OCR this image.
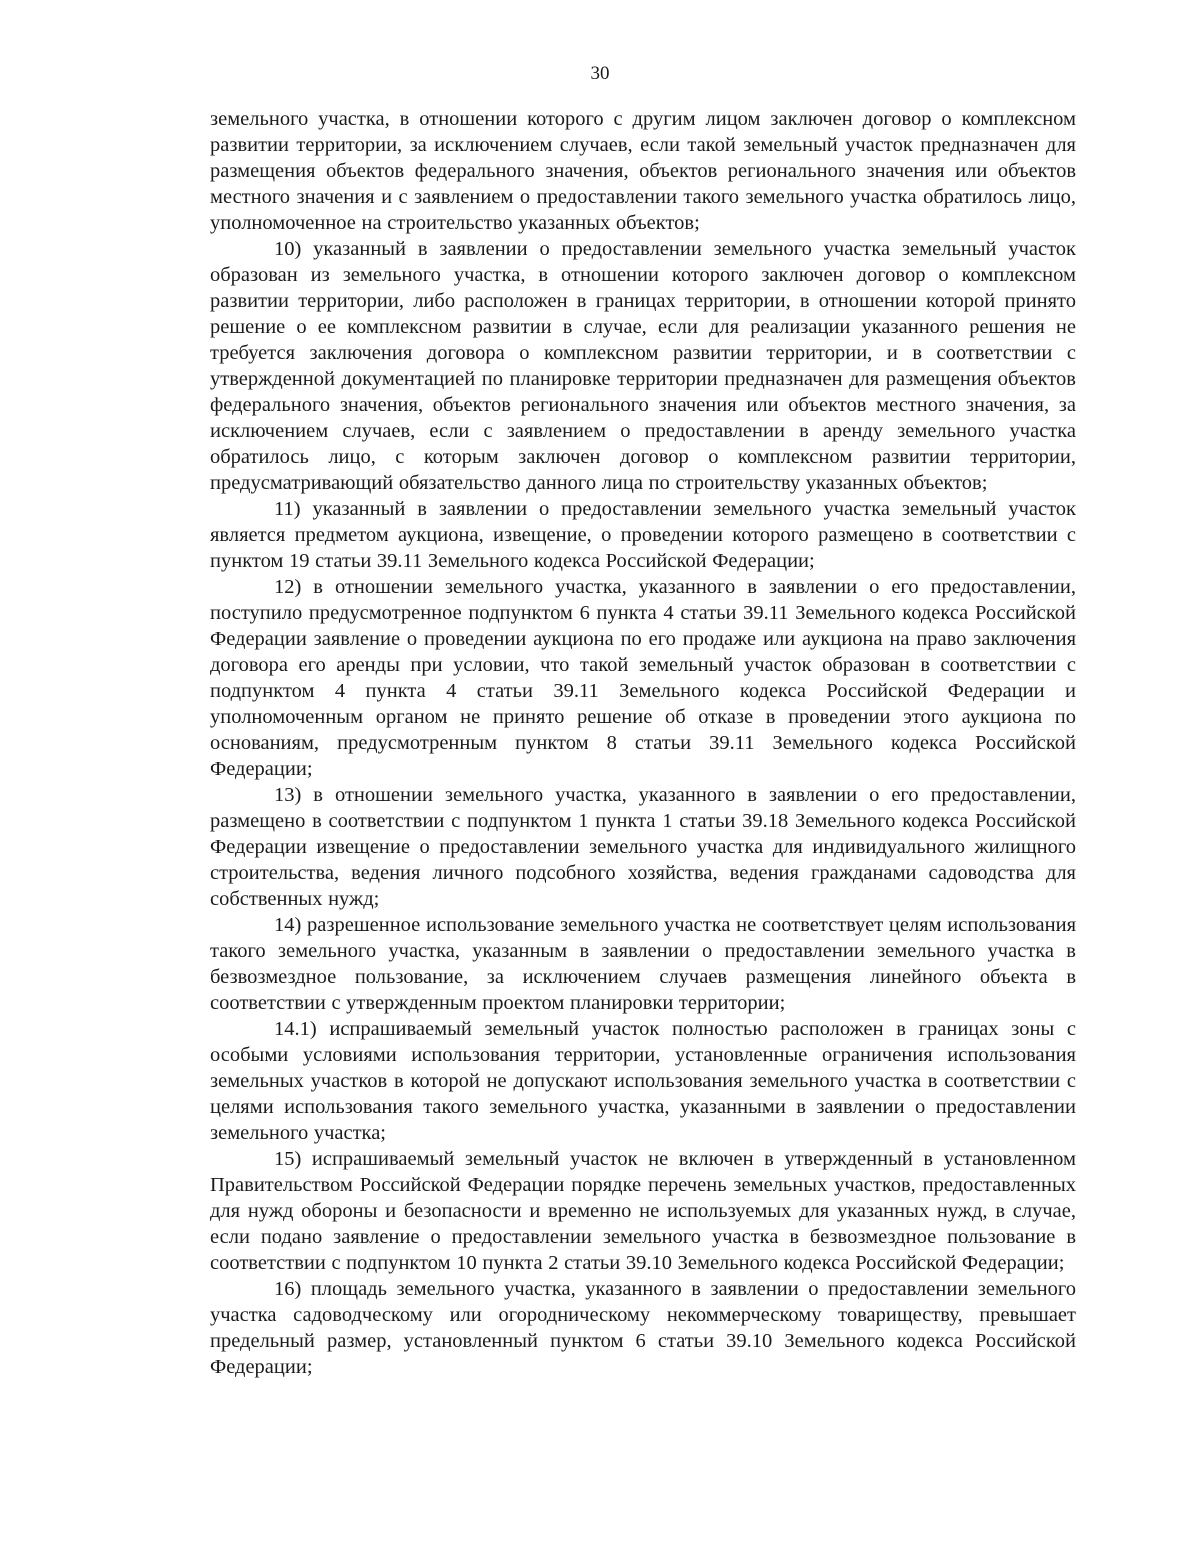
30

земельного участка, в отношении которого с другим лицом заключен договор о комплексном развитии территории, за исключением случаев, если такой земельный участок предназначен для размещения объектов федерального значения, объектов регионального значения или объектов местного значения и с заявлением о предоставлении такого земельного участка обратилось лицо, уполномоченное на строительство указанных объектов;

10) указанный в заявлении о предоставлении земельного участка земельный участок образован из земельного участка, в отношении которого заключен договор о комплексном развитии территории, либо расположен в границах территории, в отношении которой принято решение о ее комплексном развитии в случае, если для реализации указанного решения не требуется заключения договора о комплексном развитии территории, и в соответствии с утвержденной документацией по планировке территории предназначен для размещения объектов федерального значения, объектов регионального значения или объектов местного значения, за исключением случаев, если с заявлением о предоставлении в аренду земельного участка обратилось лицо, с которым заключен договор о комплексном развитии территории, предусматривающий обязательство данного лица по строительству указанных объектов;

11) указанный в заявлении о предоставлении земельного участка земельный участок является предметом аукциона, извещение, о проведении которого размещено в соответствии с пунктом 19 статьи 39.11 Земельного кодекса Российской Федерации;

12) в отношении земельного участка, указанного в заявлении о его предоставлении, поступило предусмотренное подпунктом 6 пункта 4 статьи 39.11 Земельного кодекса Российской Федерации заявление о проведении аукциона по его продаже или аукциона на право заключения договора его аренды при условии, что такой земельный участок образован в соответствии с подпунктом 4 пункта 4 статьи 39.11 Земельного кодекса Российской Федерации и уполномоченным органом не принято решение об отказе в проведении этого аукциона по основаниям, предусмотренным пунктом 8 статьи 39.11 Земельного кодекса Российской Федерации;

13) в отношении земельного участка, указанного в заявлении о его предоставлении, размещено в соответствии с подпунктом 1 пункта 1 статьи 39.18 Земельного кодекса Российской Федерации извещение о предоставлении земельного участка для индивидуального жилищного строительства, ведения личного подсобного хозяйства, ведения гражданами садоводства для собственных нужд;

14) разрешенное использование земельного участка не соответствует целям использования такого земельного участка, указанным в заявлении о предоставлении земельного участка в безвозмездное пользование, за исключением случаев размещения линейного объекта в соответствии с утвержденным проектом планировки территории;

14.1) испрашиваемый земельный участок полностью расположен в границах зоны с особыми условиями использования территории, установленные ограничения использования земельных участков в которой не допускают использования земельного участка в соответствии с целями использования такого земельного участка, указанными в заявлении о предоставлении земельного участка;

15) испрашиваемый земельный участок не включен в утвержденный в установленном Правительством Российской Федерации порядке перечень земельных участков, предоставленных для нужд обороны и безопасности и временно не используемых для указанных нужд, в случае, если подано заявление о предоставлении земельного участка в безвозмездное пользование в соответствии с подпунктом 10 пункта 2 статьи 39.10 Земельного кодекса Российской Федерации;

16) площадь земельного участка, указанного в заявлении о предоставлении земельного участка садоводческому или огородническому некоммерческому товариществу, превышает предельный размер, установленный пунктом 6 статьи 39.10 Земельного кодекса Российской Федерации;
